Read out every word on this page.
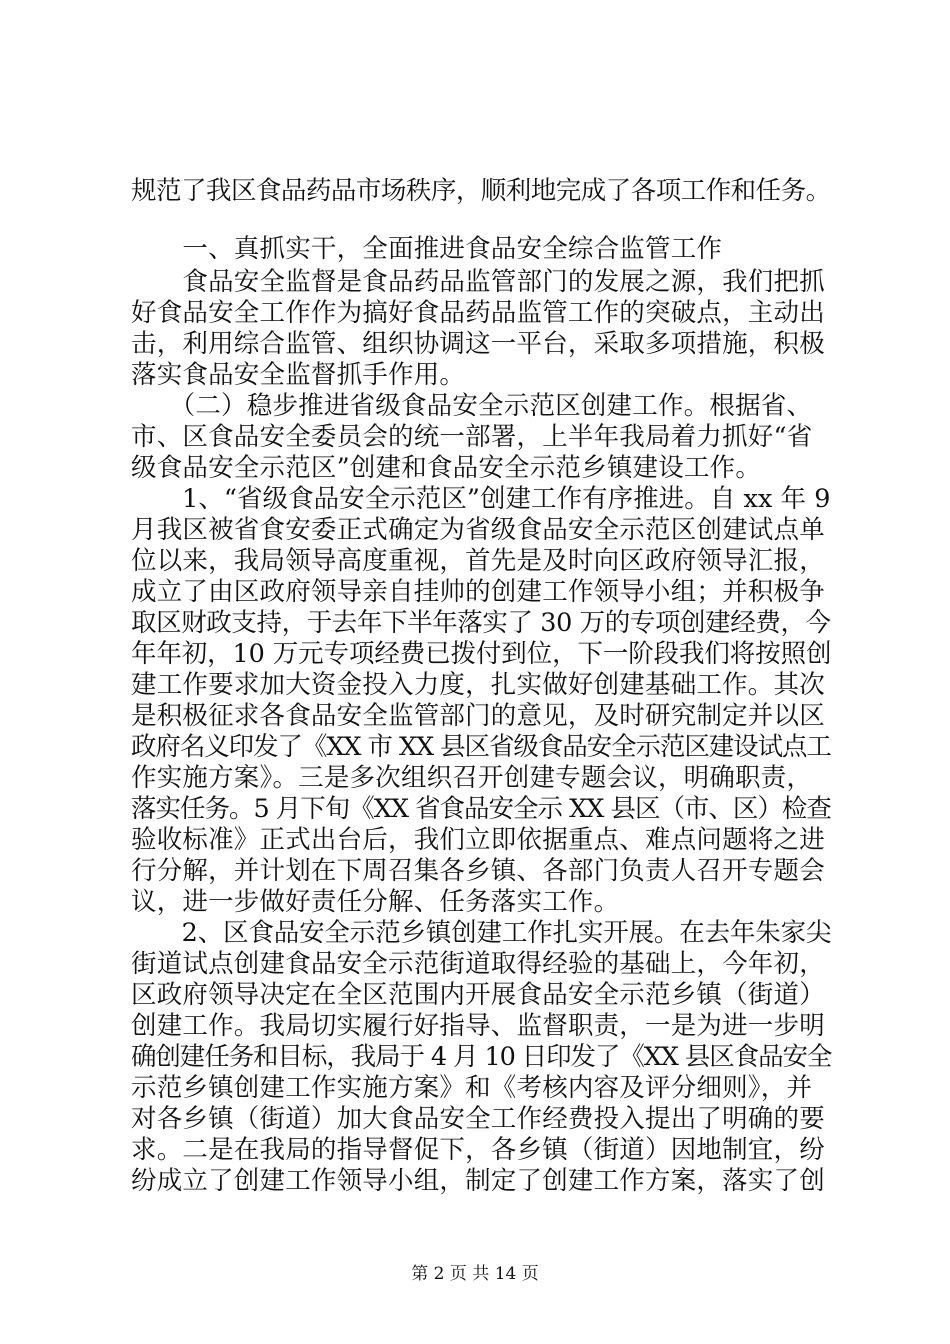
规范了我区食品药品市场秩序，顺利地完成了各项工作和任务。
　　一、真抓实干，全面推进食品安全综合监管工作
　　食品安全监督是食品药品监管部门的发展之源，我们把抓
好食品安全工作作为搞好食品药品监管工作的突破点，主动出
击，利用综合监管、组织协调这一平台，采取多项措施，积极
落实食品安全监督抓手作用。
　　（二）稳步推进省级食品安全示范区创建工作。根据省、
市、区食品安全委员会的统一部署，上半年我局着力抓好“省
级食品安全示范区”创建和食品安全示范乡镇建设工作。
　　1、“省级食品安全示范区”创建工作有序推进。自 xx 年 9
月我区被省食安委正式确定为省级食品安全示范区创建试点单
位以来，我局领导高度重视，首先是及时向区政府领导汇报，
成立了由区政府领导亲自挂帅的创建工作领导小组；并积极争
取区财政支持，于去年下半年落实了 30 万的专项创建经费，今
年年初，10 万元专项经费已拨付到位，下一阶段我们将按照创
建工作要求加大资金投入力度，扎实做好创建基础工作。其次
是积极征求各食品安全监管部门的意见，及时研究制定并以区
政府名义印发了《XX 市 XX 县区省级食品安全示范区建设试点工
作实施方案》。三是多次组织召开创建专题会议，明确职责，
落实任务。5 月下旬《XX 省食品安全示 XX 县区（市、区）检查
验收标准》正式出台后，我们立即依据重点、难点问题将之进
行分解，并计划在下周召集各乡镇、各部门负责人召开专题会
议，进一步做好责任分解、任务落实工作。
　　2、区食品安全示范乡镇创建工作扎实开展。在去年朱家尖
街道试点创建食品安全示范街道取得经验的基础上，今年初，
区政府领导决定在全区范围内开展食品安全示范乡镇（街道）
创建工作。我局切实履行好指导、监督职责，一是为进一步明
确创建任务和目标，我局于 4 月 10 日印发了《XX 县区食品安全
示范乡镇创建工作实施方案》和《考核内容及评分细则》，并
对各乡镇（街道）加大食品安全工作经费投入提出了明确的要
求。二是在我局的指导督促下，各乡镇（街道）因地制宜，纷
纷成立了创建工作领导小组，制定了创建工作方案，落实了创
第 2 页 共 14 页
